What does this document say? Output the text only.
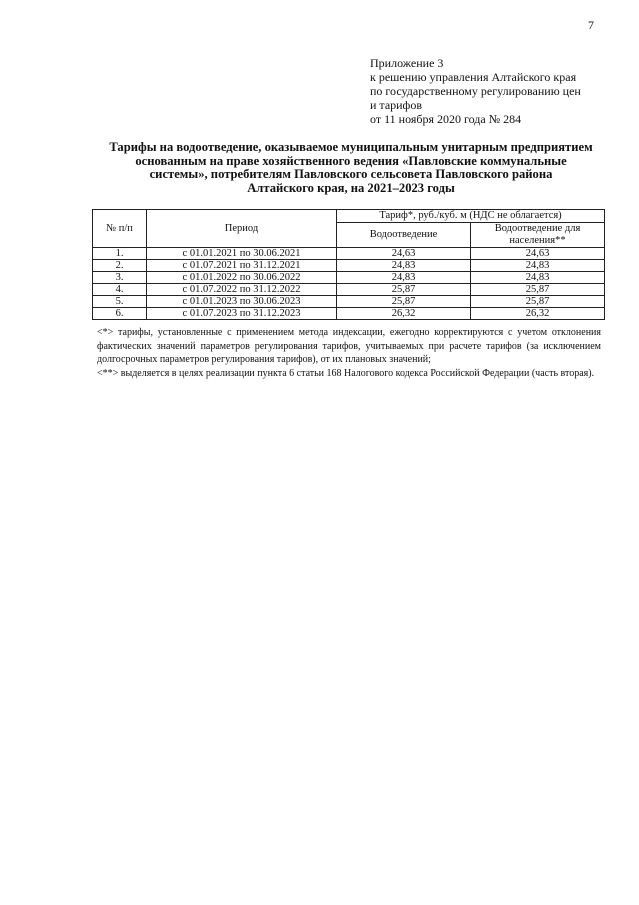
7
Приложение 3
к решению управления Алтайского края
по государственному регулированию цен
и тарифов
от 11 ноября 2020 года № 284
Тарифы на водоотведение, оказываемое муниципальным унитарным предприятием
основанным на праве хозяйственного ведения «Павловские коммунальные
системы», потребителям Павловского сельсовета Павловского района
Алтайского края, на 2021–2023 годы
№ п/п	Период	Тариф*, руб./куб. м (НДС не облагается)	
		Водоотведение	Водоотведение для населения**
1.	с 01.01.2021 по 30.06.2021	24,63	24,63
2.	с 01.07.2021 по 31.12.2021	24,83	24,83
3.	с 01.01.2022 по 30.06.2022	24,83	24,83
4.	с 01.07.2022 по 31.12.2022	25,87	25,87
5.	с 01.01.2023 по 30.06.2023	25,87	25,87
6.	с 01.07.2023 по 31.12.2023	26,32	26,32

<*> тарифы, установленные с применением метода индексации, ежегодно корректируются с учетом отклонения фактических значений параметров регулирования тарифов, учитываемых при расчете тарифов (за исключением долгосрочных параметров регулирования тарифов), от их плановых значений;

<**> выделяется в целях реализации пункта 6 статьи 168 Налогового кодекса Российской Федерации (часть вторая).
